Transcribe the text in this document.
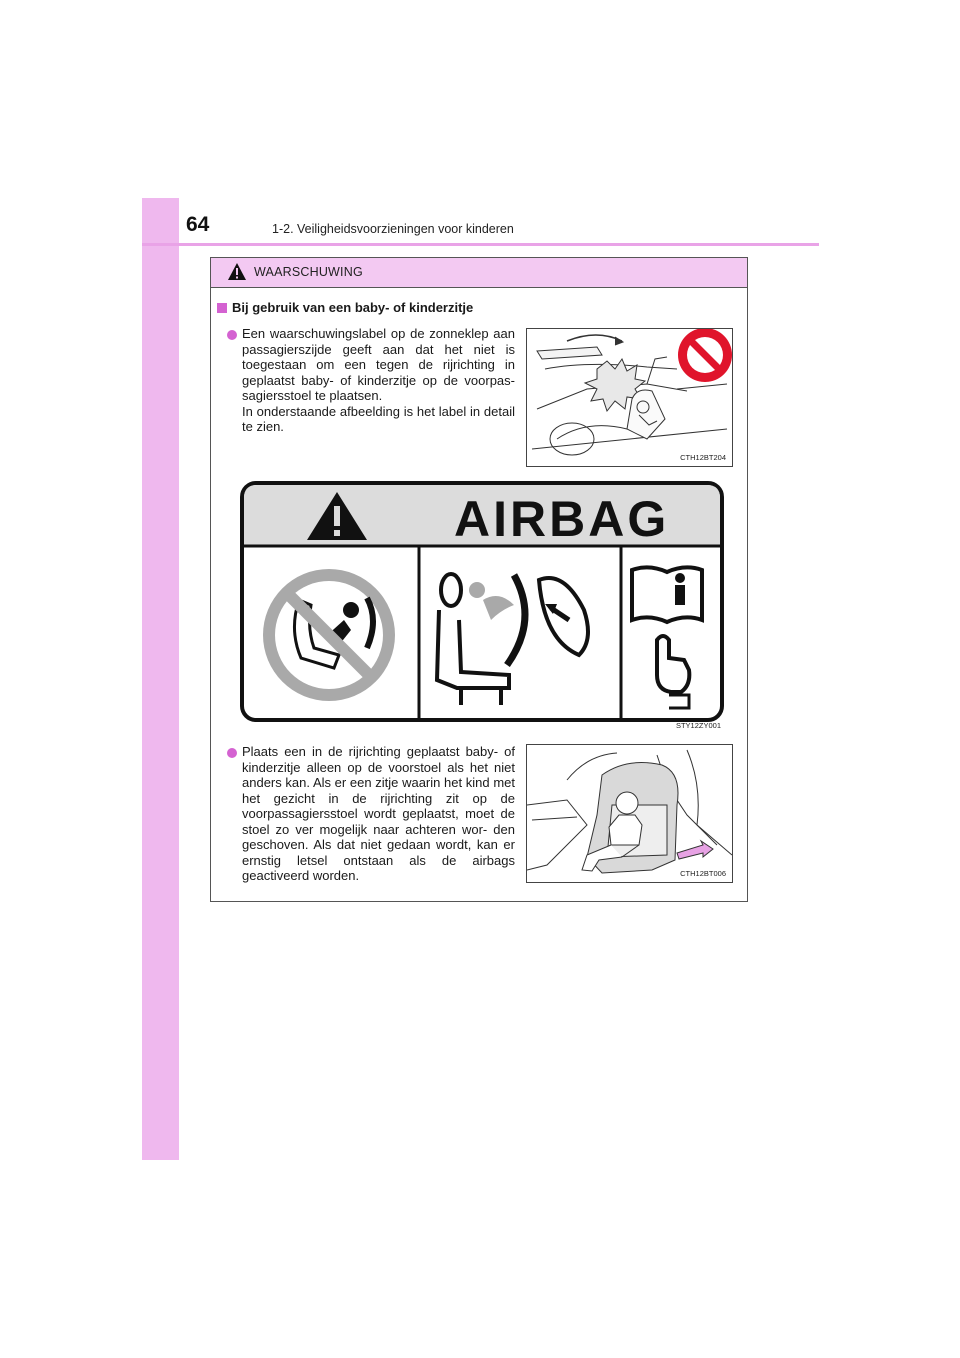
64	1-2. Veiligheidsvoorzieningen voor kinderen
WAARSCHUWING
Bij gebruik van een baby- of kinderzitje
Een waarschuwingslabel op de zonneklep aan passagierszijde geeft aan dat het niet is toegestaan om een tegen de rijrichting in geplaatst baby- of kinderzitje op de voorpas- sagiersstoel te plaatsen.
In onderstaande afbeelding is het label in detail te zien.
CTH12BT204
AIRBAG
STY12ZY001
Plaats een in de rijrichting geplaatst baby- of kinderzitje alleen op de voorstoel als het niet anders kan. Als er een zitje waarin het kind met het gezicht in de rijrichting zit op de voorpassagiersstoel wordt geplaatst, moet de stoel zo ver mogelijk naar achteren wor- den geschoven. Als dat niet gedaan wordt, kan er ernstig letsel ontstaan als de airbags geactiveerd worden.	CTH12BT006
